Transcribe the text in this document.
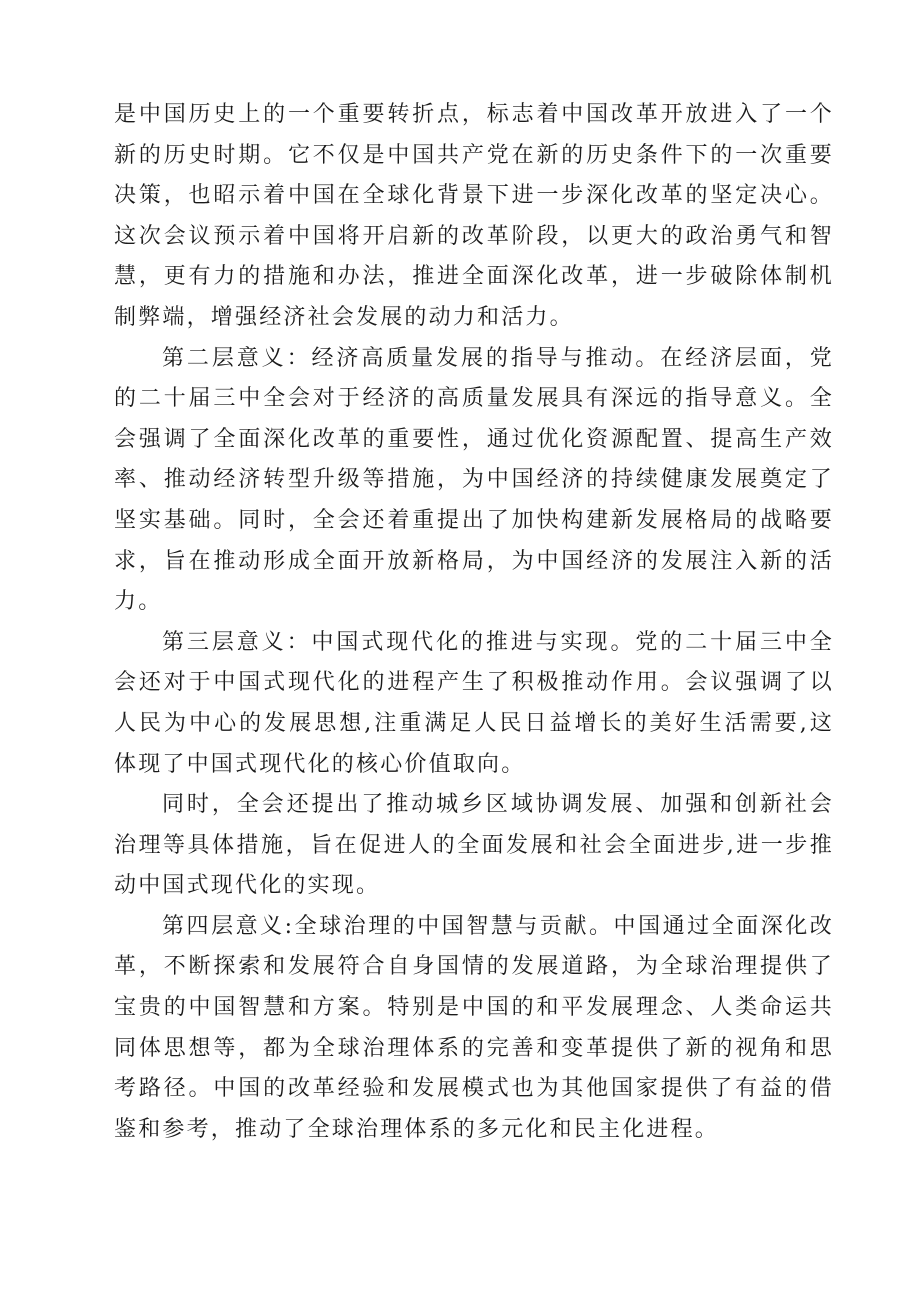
是中国历史上的一个重要转折点，标志着中国改革开放进入了一个新的历史时期。它不仅是中国共产党在新的历史条件下的一次重要决策，也昭示着中国在全球化背景下进一步深化改革的坚定决心。这次会议预示着中国将开启新的改革阶段，以更大的政治勇气和智慧，更有力的措施和办法，推进全面深化改革，进一步破除体制机制弊端，增强经济社会发展的动力和活力。

第二层意义：经济高质量发展的指导与推动。在经济层面，党的二十届三中全会对于经济的高质量发展具有深远的指导意义。全会强调了全面深化改革的重要性，通过优化资源配置、提高生产效率、推动经济转型升级等措施，为中国经济的持续健康发展奠定了坚实基础。同时，全会还着重提出了加快构建新发展格局的战略要求，旨在推动形成全面开放新格局，为中国经济的发展注入新的活力。

第三层意义：中国式现代化的推进与实现。党的二十届三中全会还对于中国式现代化的进程产生了积极推动作用。会议强调了以人民为中心的发展思想,注重满足人民日益增长的美好生活需要,这体现了中国式现代化的核心价值取向。

同时，全会还提出了推动城乡区域协调发展、加强和创新社会治理等具体措施，旨在促进人的全面发展和社会全面进步,进一步推动中国式现代化的实现。

第四层意义:全球治理的中国智慧与贡献。中国通过全面深化改革，不断探索和发展符合自身国情的发展道路，为全球治理提供了宝贵的中国智慧和方案。特别是中国的和平发展理念、人类命运共同体思想等，都为全球治理体系的完善和变革提供了新的视角和思考路径。中国的改革经验和发展模式也为其他国家提供了有益的借鉴和参考，推动了全球治理体系的多元化和民主化进程。
